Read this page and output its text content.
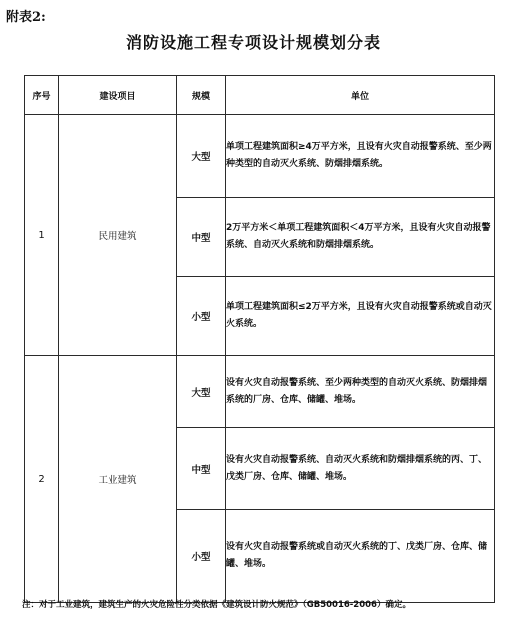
附表2:
消防设施工程专项设计规模划分表
序号	建设项目	规模	单位
1	民用建筑	大型	单项工程建筑面积≥4万平方米，且设有火灾自动报警系统、至少两种类型的自动灭火系统、防烟排烟系统。
		中型	2万平方米＜单项工程建筑面积＜4万平方米，且设有火灾自动报警系统、自动灭火系统和防烟排烟系统。
		小型	单项工程建筑面积≤2万平方米，且设有火灾自动报警系统或自动灭火系统。
2	工业建筑	大型	设有火灾自动报警系统、至少两种类型的自动灭火系统、防烟排烟系统的厂房、仓库、储罐、堆场。
		中型	设有火灾自动报警系统、自动灭火系统和防烟排烟系统的丙、丁、戊类厂房、仓库、储罐、堆场。
		小型	设有火灾自动报警系统或自动灭火系统的丁、戊类厂房、仓库、储罐、堆场。
注：对于工业建筑，建筑生产的火灾危险性分类依据《建筑设计防火规范》（GB50016-2006）确定。
